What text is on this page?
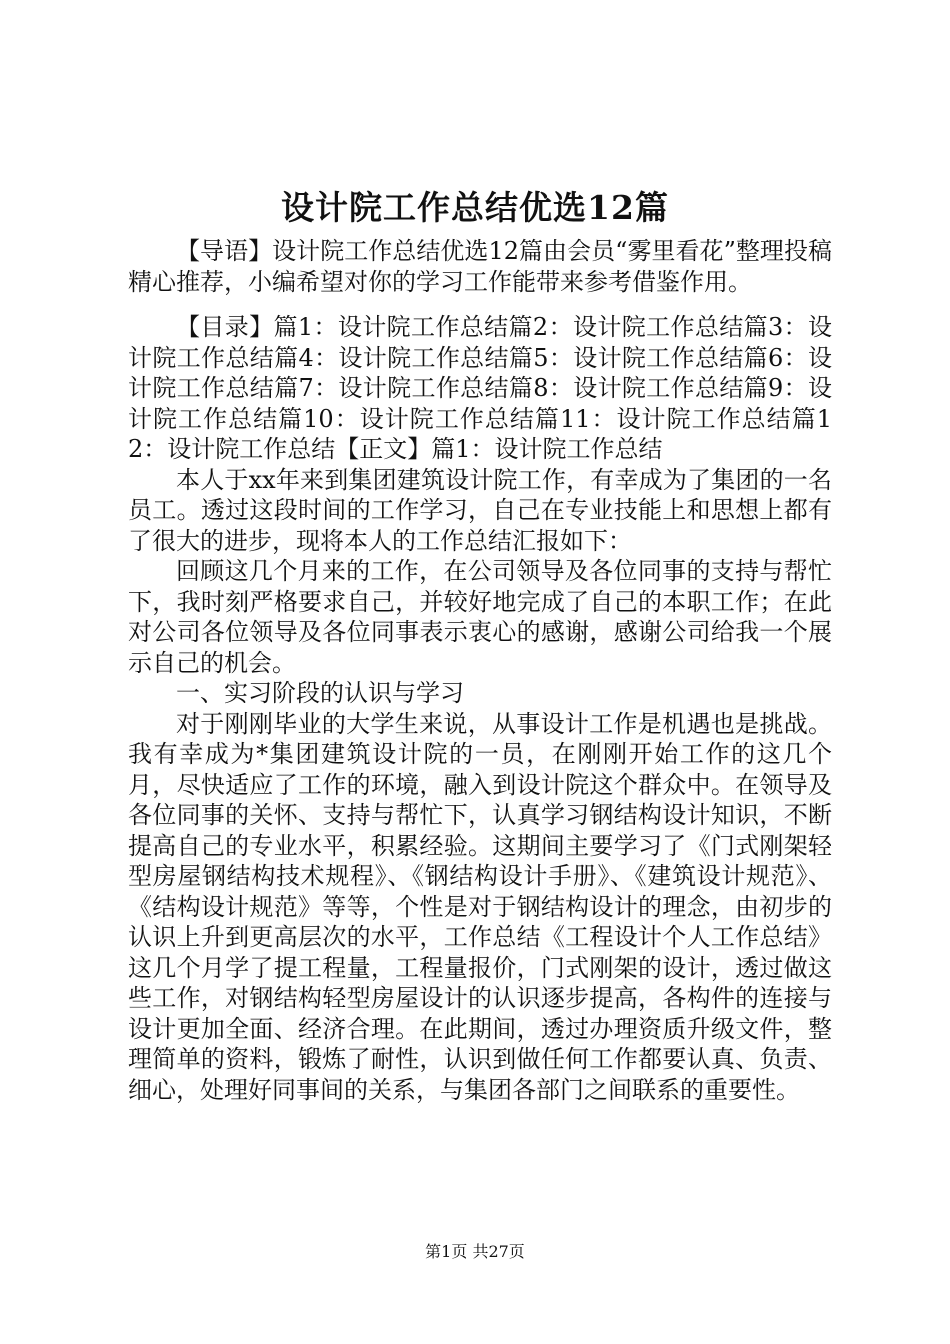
设计院工作总结优选12篇

【导语】设计院工作总结优选12篇由会员“雾里看花”整理投稿精心推荐，小编希望对你的学习工作能带来参考借鉴作用。

【目录】篇1：设计院工作总结篇2：设计院工作总结篇3：设计院工作总结篇4：设计院工作总结篇5：设计院工作总结篇6：设计院工作总结篇7：设计院工作总结篇8：设计院工作总结篇9：设计院工作总结篇10：设计院工作总结篇11：设计院工作总结篇12：设计院工作总结【正文】篇1：设计院工作总结

本人于xx年来到集团建筑设计院工作，有幸成为了集团的一名员工。透过这段时间的工作学习，自己在专业技能上和思想上都有了很大的进步，现将本人的工作总结汇报如下：

回顾这几个月来的工作，在公司领导及各位同事的支持与帮忙下，我时刻严格要求自己，并较好地完成了自己的本职工作；在此对公司各位领导及各位同事表示衷心的感谢，感谢公司给我一个展示自己的机会。

一、实习阶段的认识与学习

对于刚刚毕业的大学生来说，从事设计工作是机遇也是挑战。我有幸成为*集团建筑设计院的一员，在刚刚开始工作的这几个月，尽快适应了工作的环境，融入到设计院这个群众中。在领导及各位同事的关怀、支持与帮忙下，认真学习钢结构设计知识，不断提高自己的专业水平，积累经验。这期间主要学习了《门式刚架轻型房屋钢结构技术规程》、《钢结构设计手册》、《建筑设计规范》、《结构设计规范》等等，个性是对于钢结构设计的理念，由初步的认识上升到更高层次的水平，工作总结《工程设计个人工作总结》这几个月学了提工程量，工程量报价，门式刚架的设计，透过做这些工作，对钢结构轻型房屋设计的认识逐步提高，各构件的连接与设计更加全面、经济合理。在此期间，透过办理资质升级文件，整理简单的资料，锻炼了耐性，认识到做任何工作都要认真、负责、细心，处理好同事间的关系，与集团各部门之间联系的重要性。

第1页 共27页
